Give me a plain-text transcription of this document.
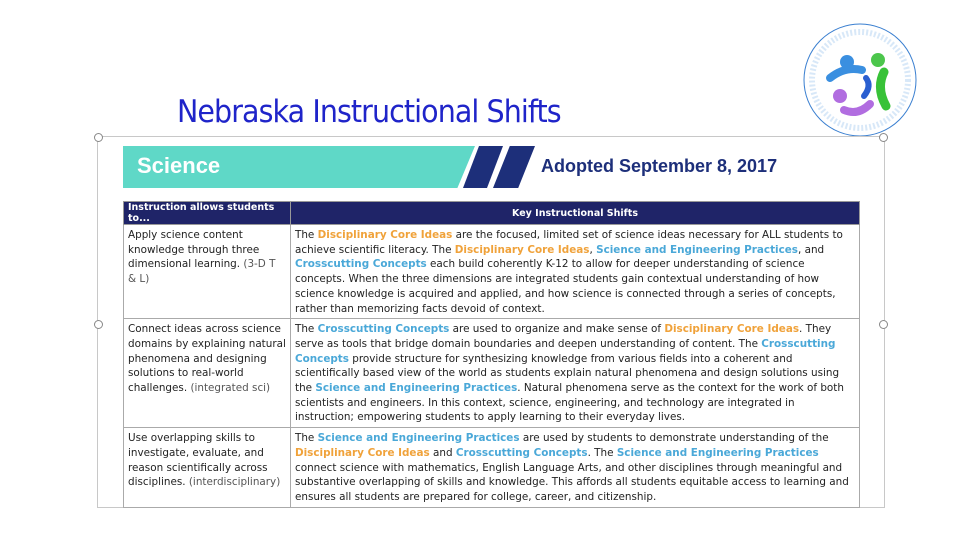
Nebraska Instructional Shifts
Science	Adopted September 8, 2017
Instruction allows students to...	Key Instructional Shifts
Apply science content knowledge through three dimensional learning. (3-D T & L)	The Disciplinary Core Ideas are the focused, limited set of science ideas necessary for ALL students to achieve scientific literacy. The Disciplinary Core Ideas, Science and Engineering Practices, and Crosscutting Concepts each build coherently K-12 to allow for deeper understanding of science concepts. When the three dimensions are integrated students gain contextual understanding of how science knowledge is acquired and applied, and how science is connected through a series of concepts, rather than memorizing facts devoid of context.
Connect ideas across science domains by explaining natural phenomena and designing solutions to real-world challenges. (integrated sci)	The Crosscutting Concepts are used to organize and make sense of Disciplinary Core Ideas. They serve as tools that bridge domain boundaries and deepen understanding of content. The Crosscutting Concepts provide structure for synthesizing knowledge from various fields into a coherent and scientifically based view of the world as students explain natural phenomena and design solutions using the Science and Engineering Practices. Natural phenomena serve as the context for the work of both scientists and engineers. In this context, science, engineering, and technology are integrated in instruction; empowering students to apply learning to their everyday lives.
Use overlapping skills to investigate, evaluate, and reason scientifically across disciplines. (interdisciplinary)	The Science and Engineering Practices are used by students to demonstrate understanding of the Disciplinary Core Ideas and Crosscutting Concepts. The Science and Engineering Practices connect science with mathematics, English Language Arts, and other disciplines through meaningful and substantive overlapping of skills and knowledge. This affords all students equitable access to learning and ensures all students are prepared for college, career, and citizenship.
